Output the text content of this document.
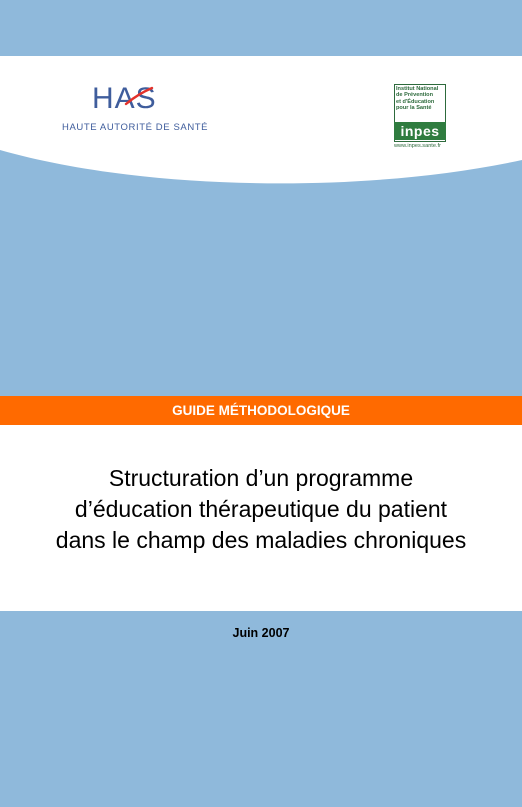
HAS
HAUTE AUTORITÉ DE SANTÉ
Institut National
de Prévention
et d'Éducation
pour la Santé
inpes
www.inpes.sante.fr
GUIDE MÉTHODOLOGIQUE
Structuration d’un programme
d’éducation thérapeutique du patient
dans le champ des maladies chroniques
Juin 2007
